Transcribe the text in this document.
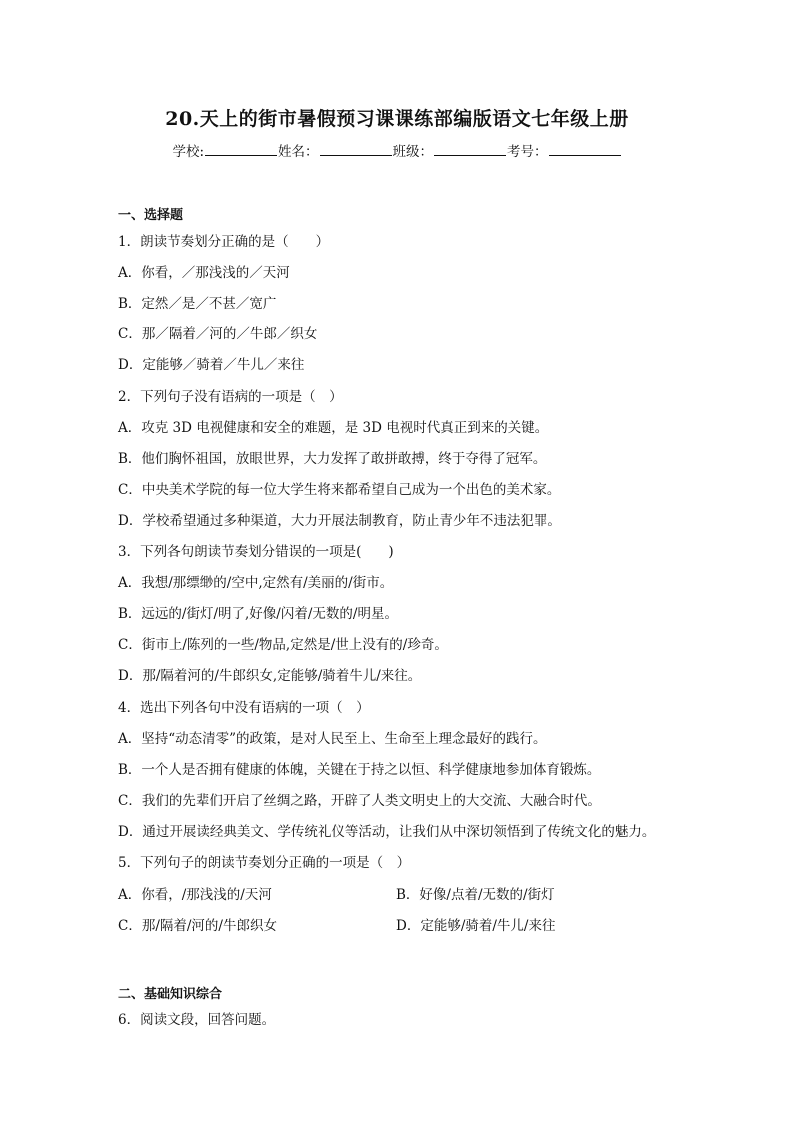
20.天上的街市暑假预习课课练部编版语文七年级上册
学校:	姓名：	班级：	考号：
一、选择题
1．朗读节奏划分正确的是（　　）
A．你看，／那浅浅的／天河
B．定然／是／不甚／宽广
C．那／隔着／河的／牛郎／织女
D．定能够／骑着／牛儿／来往
2．下列句子没有语病的一项是（　）
A．攻克 3D 电视健康和安全的难题，是 3D 电视时代真正到来的关键。
B．他们胸怀祖国，放眼世界，大力发挥了敢拼敢搏，终于夺得了冠军。
C．中央美术学院的每一位大学生将来都希望自己成为一个出色的美术家。
D．学校希望通过多种渠道，大力开展法制教育，防止青少年不违法犯罪。
3．下列各句朗读节奏划分错误的一项是(　　)
A．我想/那缥缈的/空中,定然有/美丽的/街市。
B．远远的/街灯/明了,好像/闪着/无数的/明星。
C．街市上/陈列的一些/物品,定然是/世上没有的/珍奇。
D．那/隔着河的/牛郎织女,定能够/骑着牛儿/来往。
4．选出下列各句中没有语病的一项（　）
A．坚持“动态清零”的政策，是对人民至上、生命至上理念最好的践行。
B．一个人是否拥有健康的体魄，关键在于持之以恒、科学健康地参加体育锻炼。
C．我们的先辈们开启了丝绸之路，开辟了人类文明史上的大交流、大融合时代。
D．通过开展读经典美文、学传统礼仪等活动，让我们从中深切领悟到了传统文化的魅力。
5．下列句子的朗读节奏划分正确的一项是（　）
A．你看，/那浅浅的/天河	B．好像/点着/无数的/街灯
C．那/隔着/河的/牛郎织女	D．定能够/骑着/牛儿/来往
二、基础知识综合
6．阅读文段，回答问题。
